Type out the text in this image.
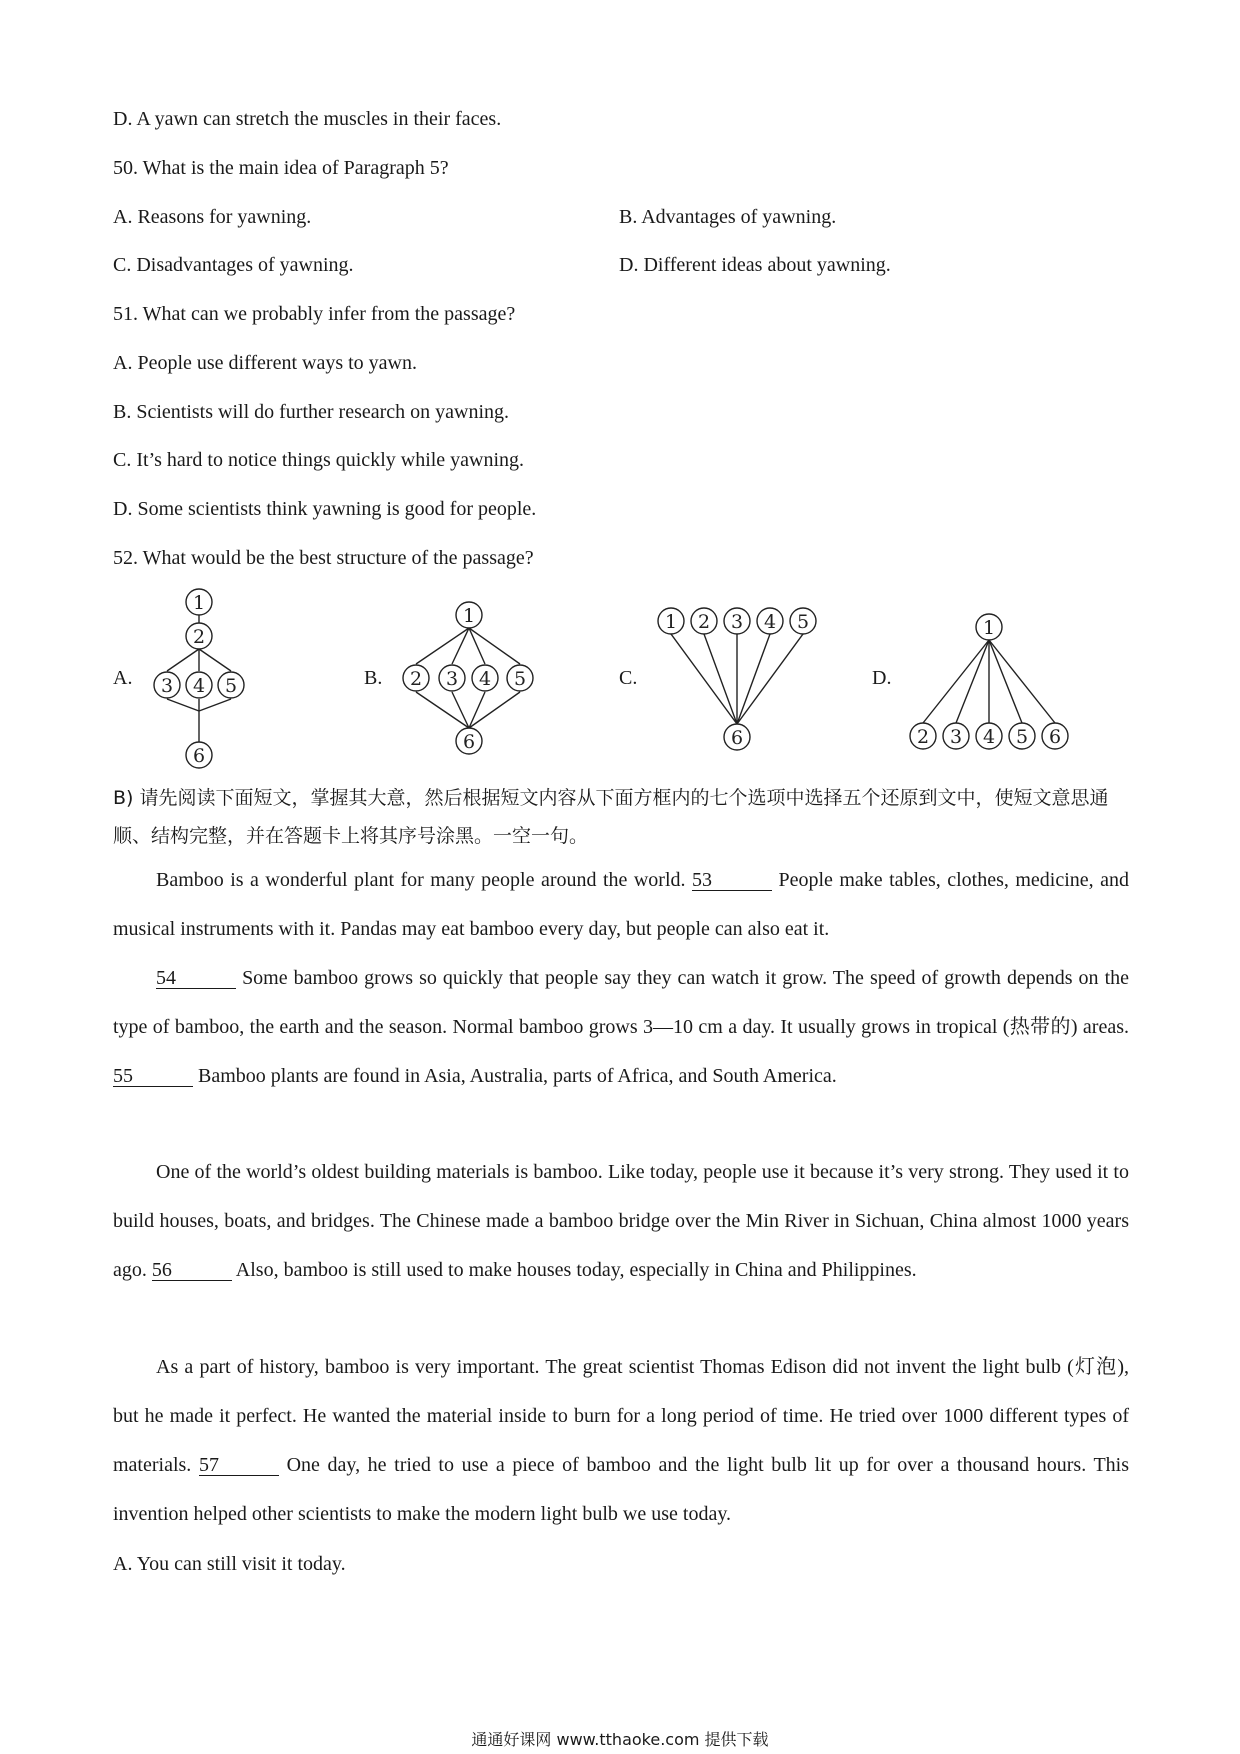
D. A yawn can stretch the muscles in their faces.
50. What is the main idea of Paragraph 5?
A. Reasons for yawning.	B. Advantages of yawning.
C. Disadvantages of yawning.	D. Different ideas about yawning.
51. What can we probably infer from the passage?
A. People use different ways to yawn.
B. Scientists will do further research on yawning.
C. It’s hard to notice things quickly while yawning.
D. Some scientists think yawning is good for people.
52. What would be the best structure of the passage?
A.	B.	C.	D.
1
2
3 4 5
6
1
2 3 4 5
6
1 2 3 4 5
6
1
2 3 4 5 6
B) 请先阅读下面短文，掌握其大意，然后根据短文内容从下面方框内的七个选项中选择五个还原到文中，使短文意思通顺、结构完整，并在答题卡上将其序号涂黑。一空一句。
Bamboo is a wonderful plant for many people around the world. 53	People make tables, clothes, medicine, and musical instruments with it. Pandas may eat bamboo every day, but people can also eat it.
54	Some bamboo grows so quickly that people say they can watch it grow. The speed of growth depends on the type of bamboo, the earth and the season. Normal bamboo grows 3—10 cm a day. It usually grows in tropical (热带的) areas. 55	Bamboo plants are found in Asia, Australia, parts of Africa, and South America.
One of the world’s oldest building materials is bamboo. Like today, people use it because it’s very strong. They used it to build houses, boats, and bridges. The Chinese made a bamboo bridge over the Min River in Sichuan, China almost 1000 years ago. 56	Also, bamboo is still used to make houses today, especially in China and Philippines.
As a part of history, bamboo is very important. The great scientist Thomas Edison did not invent the light bulb (灯泡), but he made it perfect. He wanted the material inside to burn for a long period of time. He tried over 1000 different types of materials. 57	One day, he tried to use a piece of bamboo and the light bulb lit up for over a thousand hours. This invention helped other scientists to make the modern light bulb we use today.
A. You can still visit it today.
通通好课网 www.tthaoke.com 提供下载
